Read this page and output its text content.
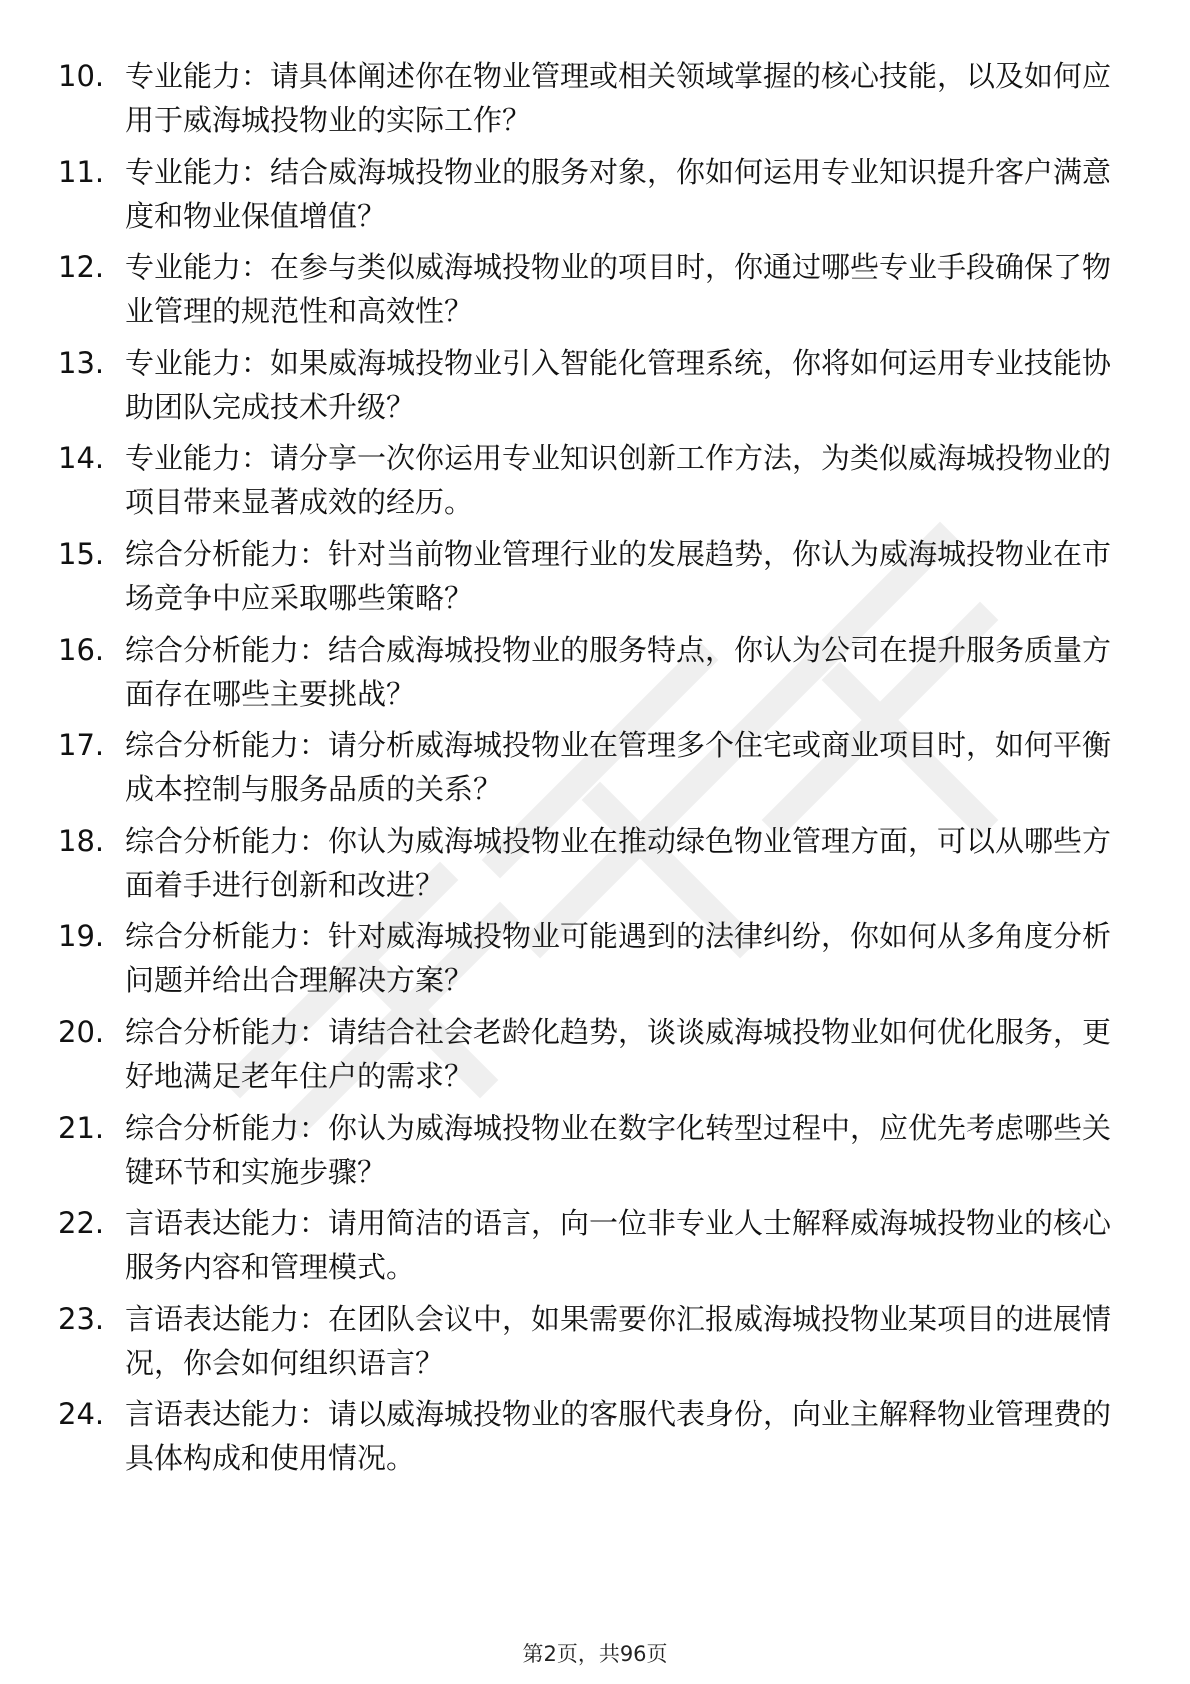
10. 专业能力：请具体阐述你在物业管理或相关领域掌握的核心技能，以及如何应用于威海城投物业的实际工作？
11. 专业能力：结合威海城投物业的服务对象，你如何运用专业知识提升客户满意度和物业保值增值？
12. 专业能力：在参与类似威海城投物业的项目时，你通过哪些专业手段确保了物业管理的规范性和高效性？
13. 专业能力：如果威海城投物业引入智能化管理系统，你将如何运用专业技能协助团队完成技术升级？
14. 专业能力：请分享一次你运用专业知识创新工作方法，为类似威海城投物业的项目带来显著成效的经历。
15. 综合分析能力：针对当前物业管理行业的发展趋势，你认为威海城投物业在市场竞争中应采取哪些策略？
16. 综合分析能力：结合威海城投物业的服务特点，你认为公司在提升服务质量方面存在哪些主要挑战？
17. 综合分析能力：请分析威海城投物业在管理多个住宅或商业项目时，如何平衡成本控制与服务品质的关系？
18. 综合分析能力：你认为威海城投物业在推动绿色物业管理方面，可以从哪些方面着手进行创新和改进？
19. 综合分析能力：针对威海城投物业可能遇到的法律纠纷，你如何从多角度分析问题并给出合理解决方案？
20. 综合分析能力：请结合社会老龄化趋势，谈谈威海城投物业如何优化服务，更好地满足老年住户的需求？
21. 综合分析能力：你认为威海城投物业在数字化转型过程中，应优先考虑哪些关键环节和实施步骤？
22. 言语表达能力：请用简洁的语言，向一位非专业人士解释威海城投物业的核心服务内容和管理模式。
23. 言语表达能力：在团队会议中，如果需要你汇报威海城投物业某项目的进展情况，你会如何组织语言？
24. 言语表达能力：请以威海城投物业的客服代表身份，向业主解释物业管理费的具体构成和使用情况。
第2页，共96页
